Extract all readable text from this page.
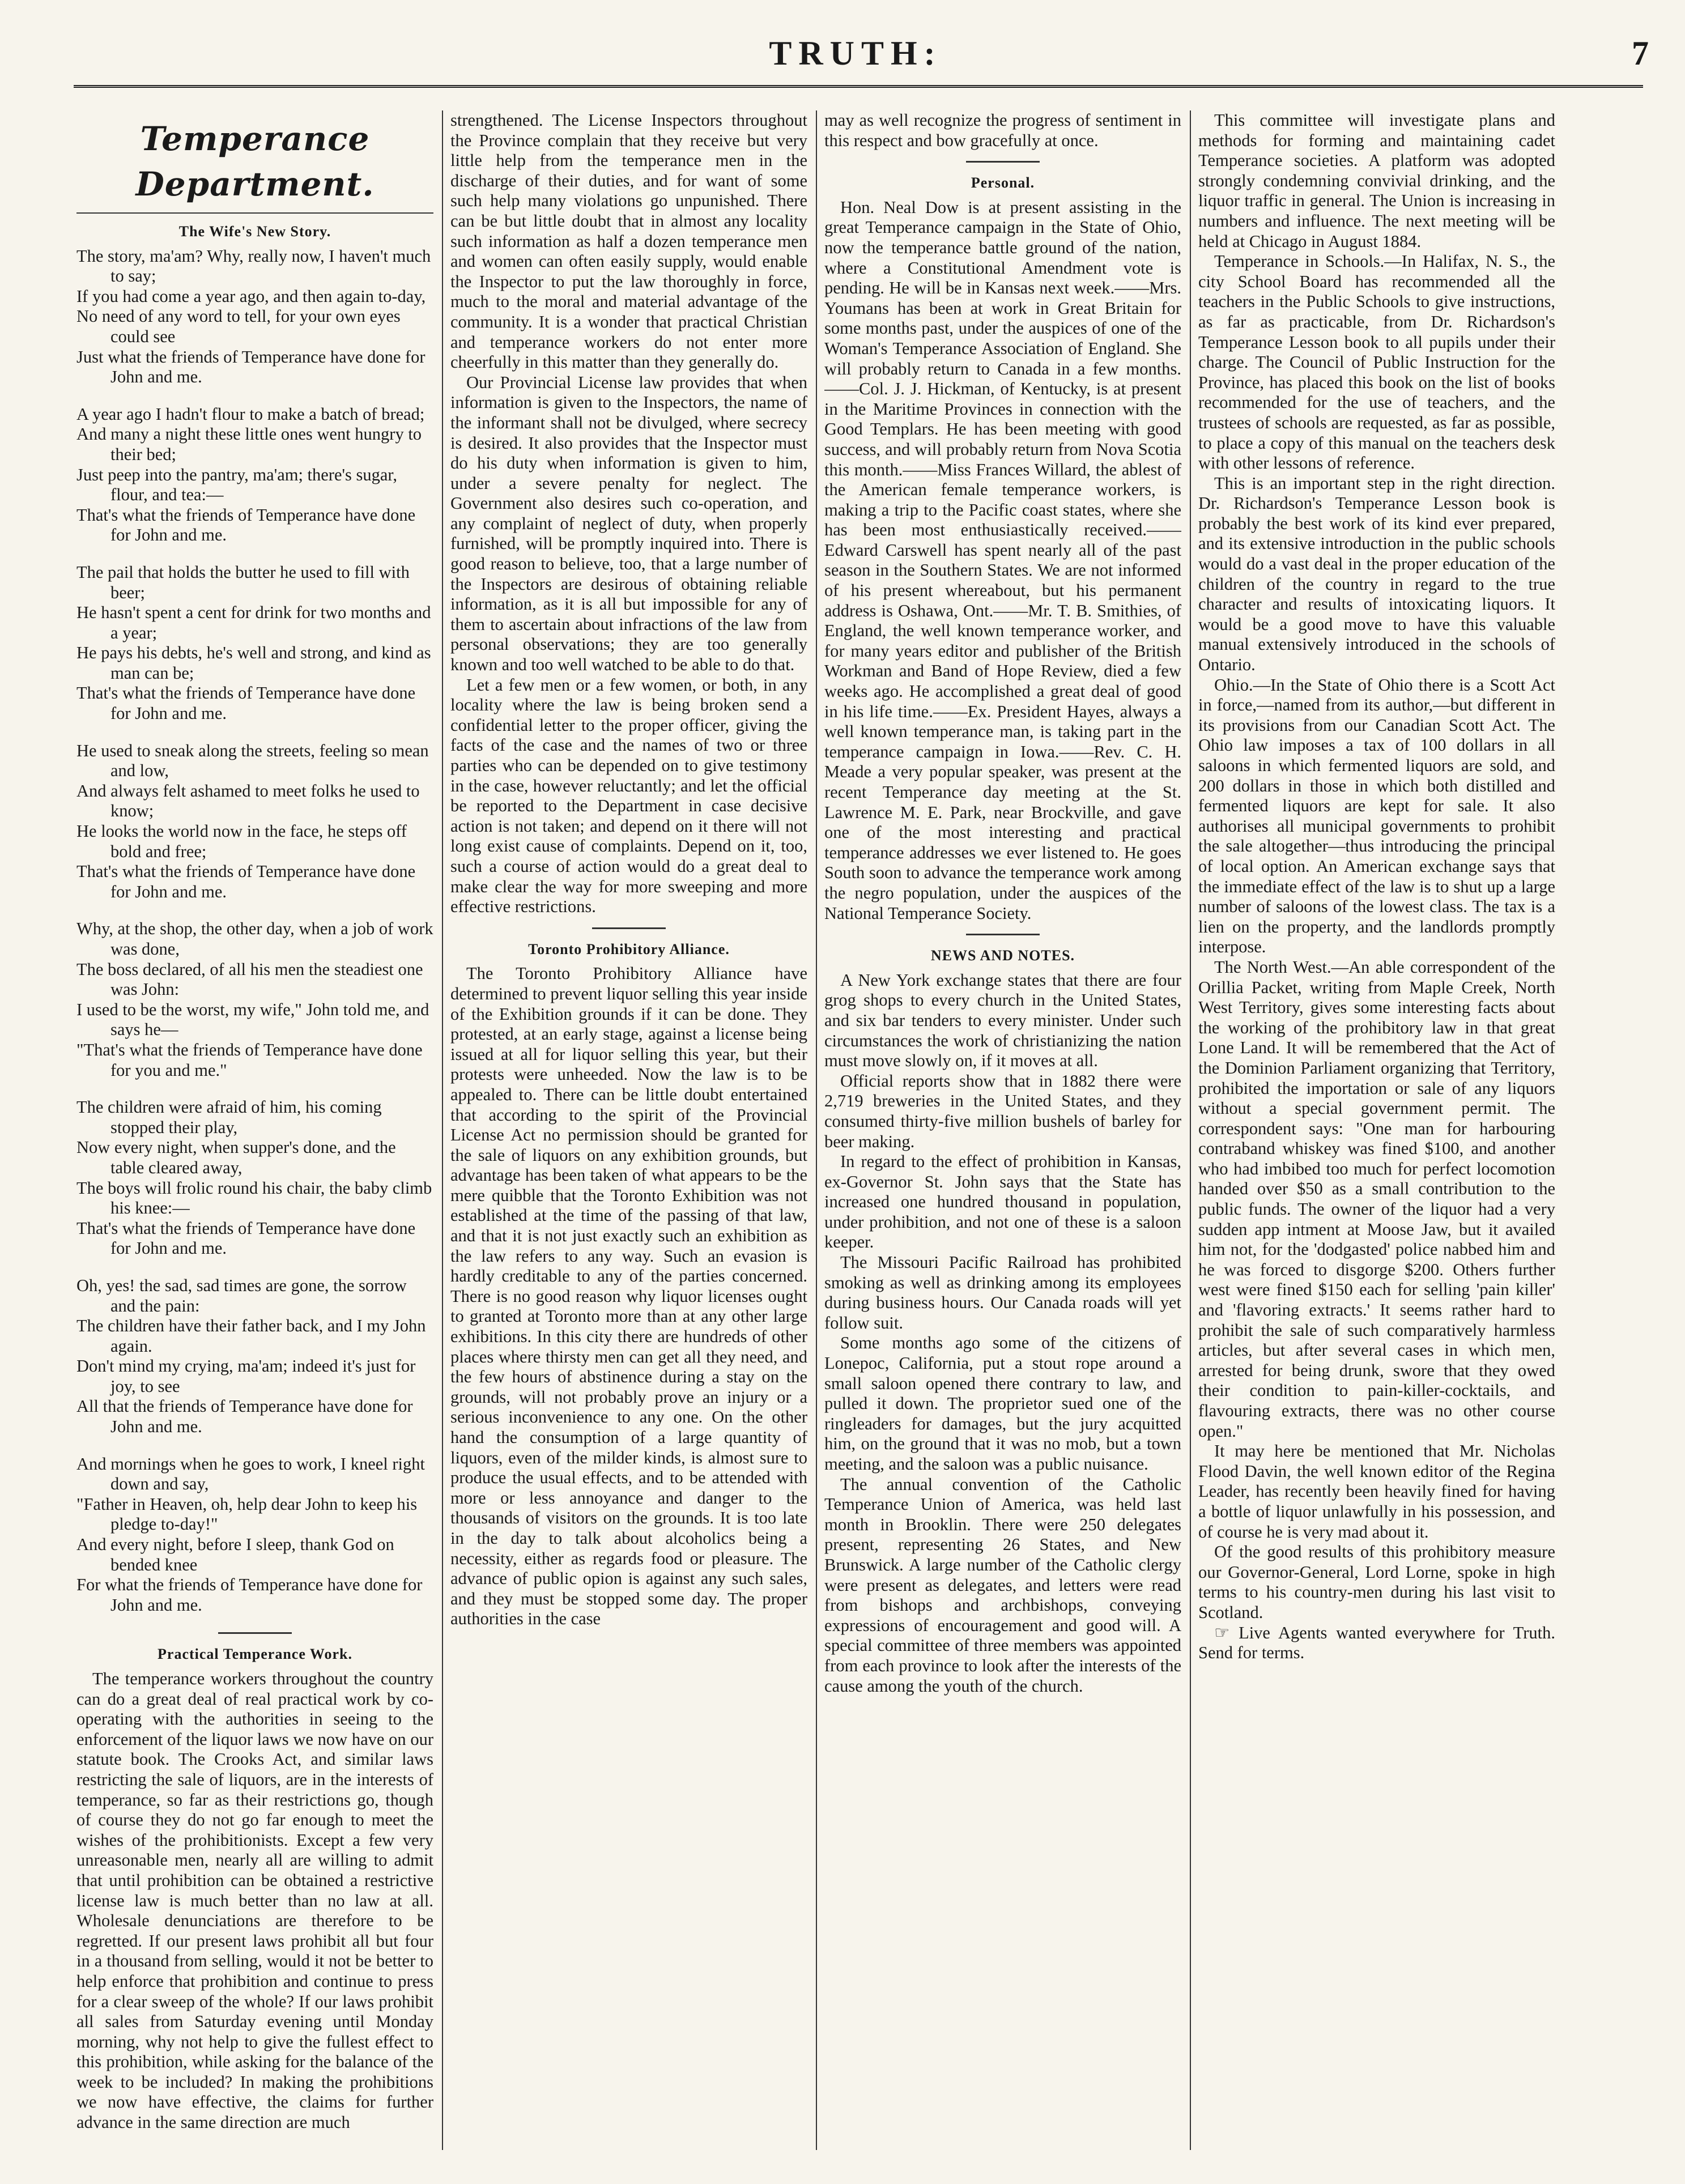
TRUTH:	7
Temperance Department.
The Wife's New Story.
The story, ma'am? Why, really now, I haven't much to say;
If you had come a year ago, and then again to-day,
No need of any word to tell, for your own eyes could see
Just what the friends of Temperance have done for John and me.
A year ago I hadn't flour to make a batch of bread;
And many a night these little ones went hungry to their bed;
Just peep into the pantry, ma'am; there's sugar, flour, and tea:—
That's what the friends of Temperance have done for John and me.
The pail that holds the butter he used to fill with beer;
He hasn't spent a cent for drink for two months and a year;
He pays his debts, he's well and strong, and kind as man can be;
That's what the friends of Temperance have done for John and me.
He used to sneak along the streets, feeling so mean and low,
And always felt ashamed to meet folks he used to know;
He looks the world now in the face, he steps off bold and free;
That's what the friends of Temperance have done for John and me.
Why, at the shop, the other day, when a job of work was done,
The boss declared, of all his men the steadiest one was John:
I used to be the worst, my wife," John told me, and says he—
"That's what the friends of Temperance have done for you and me."
The children were afraid of him, his coming stopped their play,
Now every night, when supper's done, and the table cleared away,
The boys will frolic round his chair, the baby climb his knee:—
That's what the friends of Temperance have done for John and me.
Oh, yes! the sad, sad times are gone, the sorrow and the pain:
The children have their father back, and I my John again.
Don't mind my crying, ma'am; indeed it's just for joy, to see
All that the friends of Temperance have done for John and me.
And mornings when he goes to work, I kneel right down and say,
"Father in Heaven, oh, help dear John to keep his pledge to-day!"
And every night, before I sleep, thank God on bended knee
For what the friends of Temperance have done for John and me.
Practical Temperance Work.

The temperance workers throughout the country can do a great deal of real practical work by co-operating with the authorities in seeing to the enforcement of the liquor laws we now have on our statute book. The Crooks Act, and similar laws restricting the sale of liquors, are in the interests of temperance, so far as their restrictions go, though of course they do not go far enough to meet the wishes of the prohibitionists. Except a few very unreasonable men, nearly all are willing to admit that until prohibition can be obtained a restrictive license law is much better than no law at all. Wholesale denunciations are therefore to be regretted. If our present laws prohibit all but four in a thousand from selling, would it not be better to help enforce that prohibition and continue to press for a clear sweep of the whole? If our laws prohibit all sales from Saturday evening until Monday morning, why not help to give the fullest effect to this prohibition, while asking for the balance of the week to be included? In making the prohibitions we now have effective, the claims for further advance in the same direction are much

strengthened. The License Inspectors throughout the Province complain that they receive but very little help from the temperance men in the discharge of their duties, and for want of some such help many violations go unpunished. There can be but little doubt that in almost any locality such information as half a dozen temperance men and women can often easily supply, would enable the Inspector to put the law thoroughly in force, much to the moral and material advantage of the community. It is a wonder that practical Christian and temperance workers do not enter more cheerfully in this matter than they generally do.

Our Provincial License law provides that when information is given to the Inspectors, the name of the informant shall not be divulged, where secrecy is desired. It also provides that the Inspector must do his duty when information is given to him, under a severe penalty for neglect. The Government also desires such co-operation, and any complaint of neglect of duty, when properly furnished, will be promptly inquired into. There is good reason to believe, too, that a large number of the Inspectors are desirous of obtaining reliable information, as it is all but impossible for any of them to ascertain about infractions of the law from personal observations; they are too generally known and too well watched to be able to do that.

Let a few men or a few women, or both, in any locality where the law is being broken send a confidential letter to the proper officer, giving the facts of the case and the names of two or three parties who can be depended on to give testimony in the case, however reluctantly; and let the official be reported to the Department in case decisive action is not taken; and depend on it there will not long exist cause of complaints. Depend on it, too, such a course of action would do a great deal to make clear the way for more sweeping and more effective restrictions.

Toronto Prohibitory Alliance.

The Toronto Prohibitory Alliance have determined to prevent liquor selling this year inside of the Exhibition grounds if it can be done. They protested, at an early stage, against a license being issued at all for liquor selling this year, but their protests were unheeded. Now the law is to be appealed to. There can be little doubt entertained that according to the spirit of the Provincial License Act no permission should be granted for the sale of liquors on any exhibition grounds, but advantage has been taken of what appears to be the mere quibble that the Toronto Exhibition was not established at the time of the passing of that law, and that it is not just exactly such an exhibition as the law refers to any way. Such an evasion is hardly creditable to any of the parties concerned. There is no good reason why liquor licenses ought to granted at Toronto more than at any other large exhibitions. In this city there are hundreds of other places where thirsty men can get all they need, and the few hours of abstinence during a stay on the grounds, will not probably prove an injury or a serious inconvenience to any one. On the other hand the consumption of a large quantity of liquors, even of the milder kinds, is almost sure to produce the usual effects, and to be attended with more or less annoyance and danger to the thousands of visitors on the grounds. It is too late in the day to talk about alcoholics being a necessity, either as regards food or pleasure. The advance of public opion is against any such sales, and they must be stopped some day. The proper authorities in the case

may as well recognize the progress of sentiment in this respect and bow gracefully at once.

Personal.

Hon. Neal Dow is at present assisting in the great Temperance campaign in the State of Ohio, now the temperance battle ground of the nation, where a Constitutional Amendment vote is pending. He will be in Kansas next week.——Mrs. Youmans has been at work in Great Britain for some months past, under the auspices of one of the Woman's Temperance Association of England. She will probably return to Canada in a few months.——Col. J. J. Hickman, of Kentucky, is at present in the Maritime Provinces in connection with the Good Templars. He has been meeting with good success, and will probably return from Nova Scotia this month.——Miss Frances Willard, the ablest of the American female temperance workers, is making a trip to the Pacific coast states, where she has been most enthusiastically received.——Edward Carswell has spent nearly all of the past season in the Southern States. We are not informed of his present whereabout, but his permanent address is Oshawa, Ont.——Mr. T. B. Smithies, of England, the well known temperance worker, and for many years editor and publisher of the British Workman and Band of Hope Review, died a few weeks ago. He accomplished a great deal of good in his life time.——Ex. President Hayes, always a well known temperance man, is taking part in the temperance campaign in Iowa.——Rev. C. H. Meade a very popular speaker, was present at the recent Temperance day meeting at the St. Lawrence M. E. Park, near Brockville, and gave one of the most interesting and practical temperance addresses we ever listened to. He goes South soon to advance the temperance work among the negro population, under the auspices of the National Temperance Society.

NEWS AND NOTES.

A New York exchange states that there are four grog shops to every church in the United States, and six bar tenders to every minister. Under such circumstances the work of christianizing the nation must move slowly on, if it moves at all.

Official reports show that in 1882 there were 2,719 breweries in the United States, and they consumed thirty-five million bushels of barley for beer making.

In regard to the effect of prohibition in Kansas, ex-Governor St. John says that the State has increased one hundred thousand in population, under prohibition, and not one of these is a saloon keeper.

The Missouri Pacific Railroad has prohibited smoking as well as drinking among its employees during business hours. Our Canada roads will yet follow suit.

Some months ago some of the citizens of Lonepoc, California, put a stout rope around a small saloon opened there contrary to law, and pulled it down. The proprietor sued one of the ringleaders for damages, but the jury acquitted him, on the ground that it was no mob, but a town meeting, and the saloon was a public nuisance.

The annual convention of the Catholic Temperance Union of America, was held last month in Brooklin. There were 250 delegates present, representing 26 States, and New Brunswick. A large number of the Catholic clergy were present as delegates, and letters were read from bishops and archbishops, conveying expressions of encouragement and good will. A special committee of three members was appointed from each province to look after the interests of the cause among the youth of the church.

This committee will investigate plans and methods for forming and maintaining cadet Temperance societies. A platform was adopted strongly condemning convivial drinking, and the liquor traffic in general. The Union is increasing in numbers and influence. The next meeting will be held at Chicago in August 1884.

Temperance in Schools.—In Halifax, N. S., the city School Board has recommended all the teachers in the Public Schools to give instructions, as far as practicable, from Dr. Richardson's Temperance Lesson book to all pupils under their charge. The Council of Public Instruction for the Province, has placed this book on the list of books recommended for the use of teachers, and the trustees of schools are requested, as far as possible, to place a copy of this manual on the teachers desk with other lessons of reference.

This is an important step in the right direction. Dr. Richardson's Temperance Lesson book is probably the best work of its kind ever prepared, and its extensive introduction in the public schools would do a vast deal in the proper education of the children of the country in regard to the true character and results of intoxicating liquors. It would be a good move to have this valuable manual extensively introduced in the schools of Ontario.

Ohio.—In the State of Ohio there is a Scott Act in force,—named from its author,—but different in its provisions from our Canadian Scott Act. The Ohio law imposes a tax of 100 dollars in all saloons in which fermented liquors are sold, and 200 dollars in those in which both distilled and fermented liquors are kept for sale. It also authorises all municipal governments to prohibit the sale altogether—thus introducing the principal of local option. An American exchange says that the immediate effect of the law is to shut up a large number of saloons of the lowest class. The tax is a lien on the property, and the landlords promptly interpose.

The North West.—An able correspondent of the Orillia Packet, writing from Maple Creek, North West Territory, gives some interesting facts about the working of the prohibitory law in that great Lone Land. It will be remembered that the Act of the Dominion Parliament organizing that Territory, prohibited the importation or sale of any liquors without a special government permit. The correspondent says: "One man for harbouring contraband whiskey was fined $100, and another who had imbibed too much for perfect locomotion handed over $50 as a small contribution to the public funds. The owner of the liquor had a very sudden app intment at Moose Jaw, but it availed him not, for the 'dodgasted' police nabbed him and he was forced to disgorge $200. Others further west were fined $150 each for selling 'pain killer' and 'flavoring extracts.' It seems rather hard to prohibit the sale of such comparatively harmless articles, but after several cases in which men, arrested for being drunk, swore that they owed their condition to pain-killer-cocktails, and flavouring extracts, there was no other course open."

It may here be mentioned that Mr. Nicholas Flood Davin, the well known editor of the Regina Leader, has recently been heavily fined for having a bottle of liquor unlawfully in his possession, and of course he is very mad about it.

Of the good results of this prohibitory measure our Governor-General, Lord Lorne, spoke in high terms to his country-men during his last visit to Scotland.

☞ Live Agents wanted everywhere for Truth. Send for terms.
